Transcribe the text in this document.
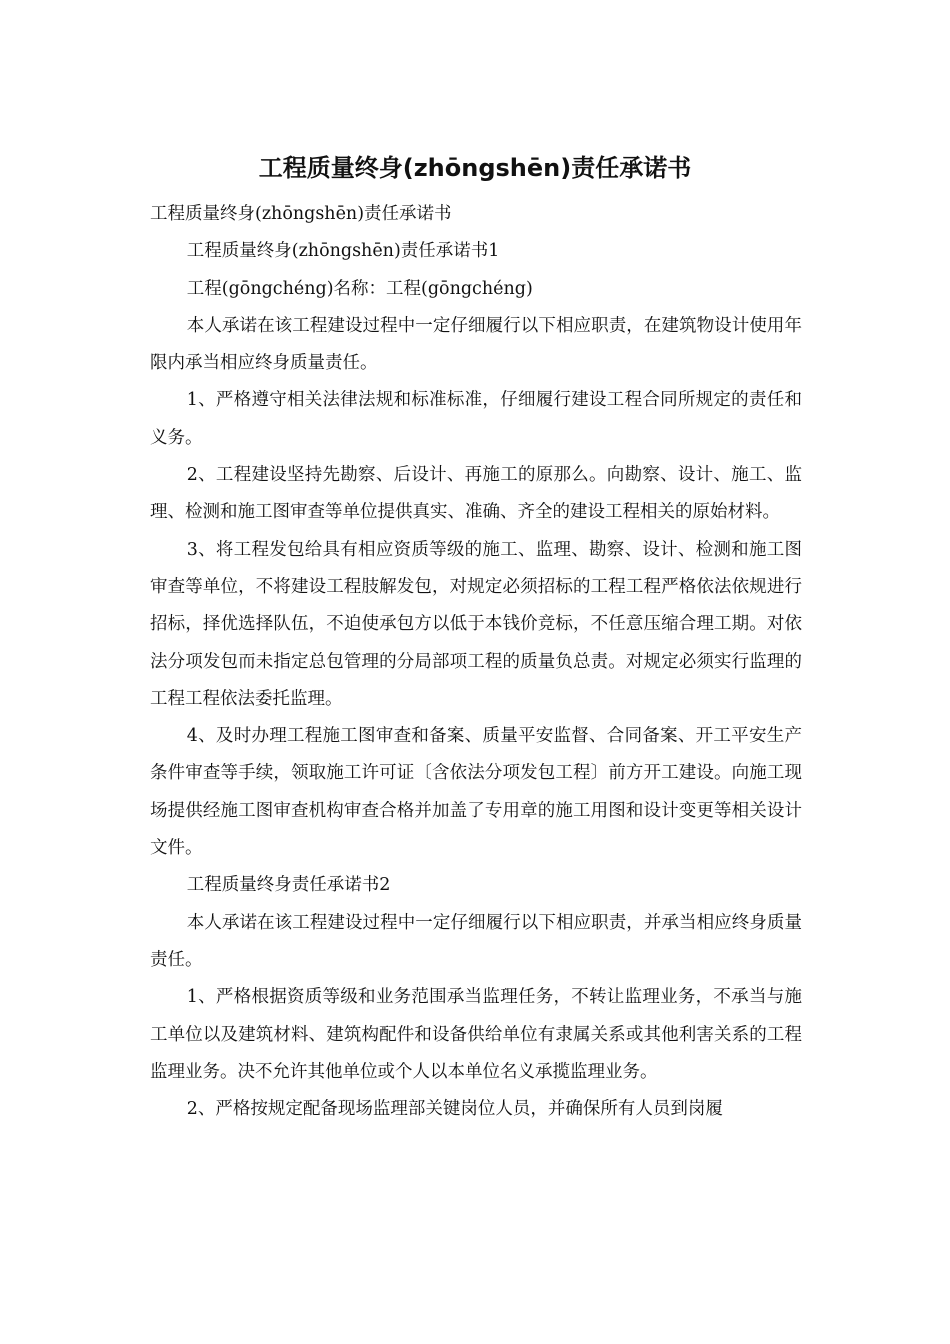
工程质量终身(zhōngshēn)责任承诺书

工程质量终身(zhōngshēn)责任承诺书

工程质量终身(zhōngshēn)责任承诺书1

工程(gōngchéng)名称：工程(gōngchéng)

本人承诺在该工程建设过程中一定仔细履行以下相应职责，在建筑物设计使用年限内承当相应终身质量责任。

1、严格遵守相关法律法规和标准标准，仔细履行建设工程合同所规定的责任和义务。

2、工程建设坚持先勘察、后设计、再施工的原那么。向勘察、设计、施工、监理、检测和施工图审查等单位提供真实、准确、齐全的建设工程相关的原始材料。

3、将工程发包给具有相应资质等级的施工、监理、勘察、设计、检测和施工图审查等单位，不将建设工程肢解发包，对规定必须招标的工程工程严格依法依规进行招标，择优选择队伍，不迫使承包方以低于本钱价竞标，不任意压缩合理工期。对依法分项发包而未指定总包管理的分局部项工程的质量负总责。对规定必须实行监理的工程工程依法委托监理。

4、及时办理工程施工图审查和备案、质量平安监督、合同备案、开工平安生产条件审查等手续，领取施工许可证〔含依法分项发包工程〕前方开工建设。向施工现场提供经施工图审查机构审查合格并加盖了专用章的施工用图和设计变更等相关设计文件。

工程质量终身责任承诺书2

本人承诺在该工程建设过程中一定仔细履行以下相应职责，并承当相应终身质量责任。

1、严格根据资质等级和业务范围承当监理任务，不转让监理业务，不承当与施工单位以及建筑材料、建筑构配件和设备供给单位有隶属关系或其他利害关系的工程监理业务。决不允许其他单位或个人以本单位名义承揽监理业务。

2、严格按规定配备现场监理部关键岗位人员，并确保所有人员到岗履
